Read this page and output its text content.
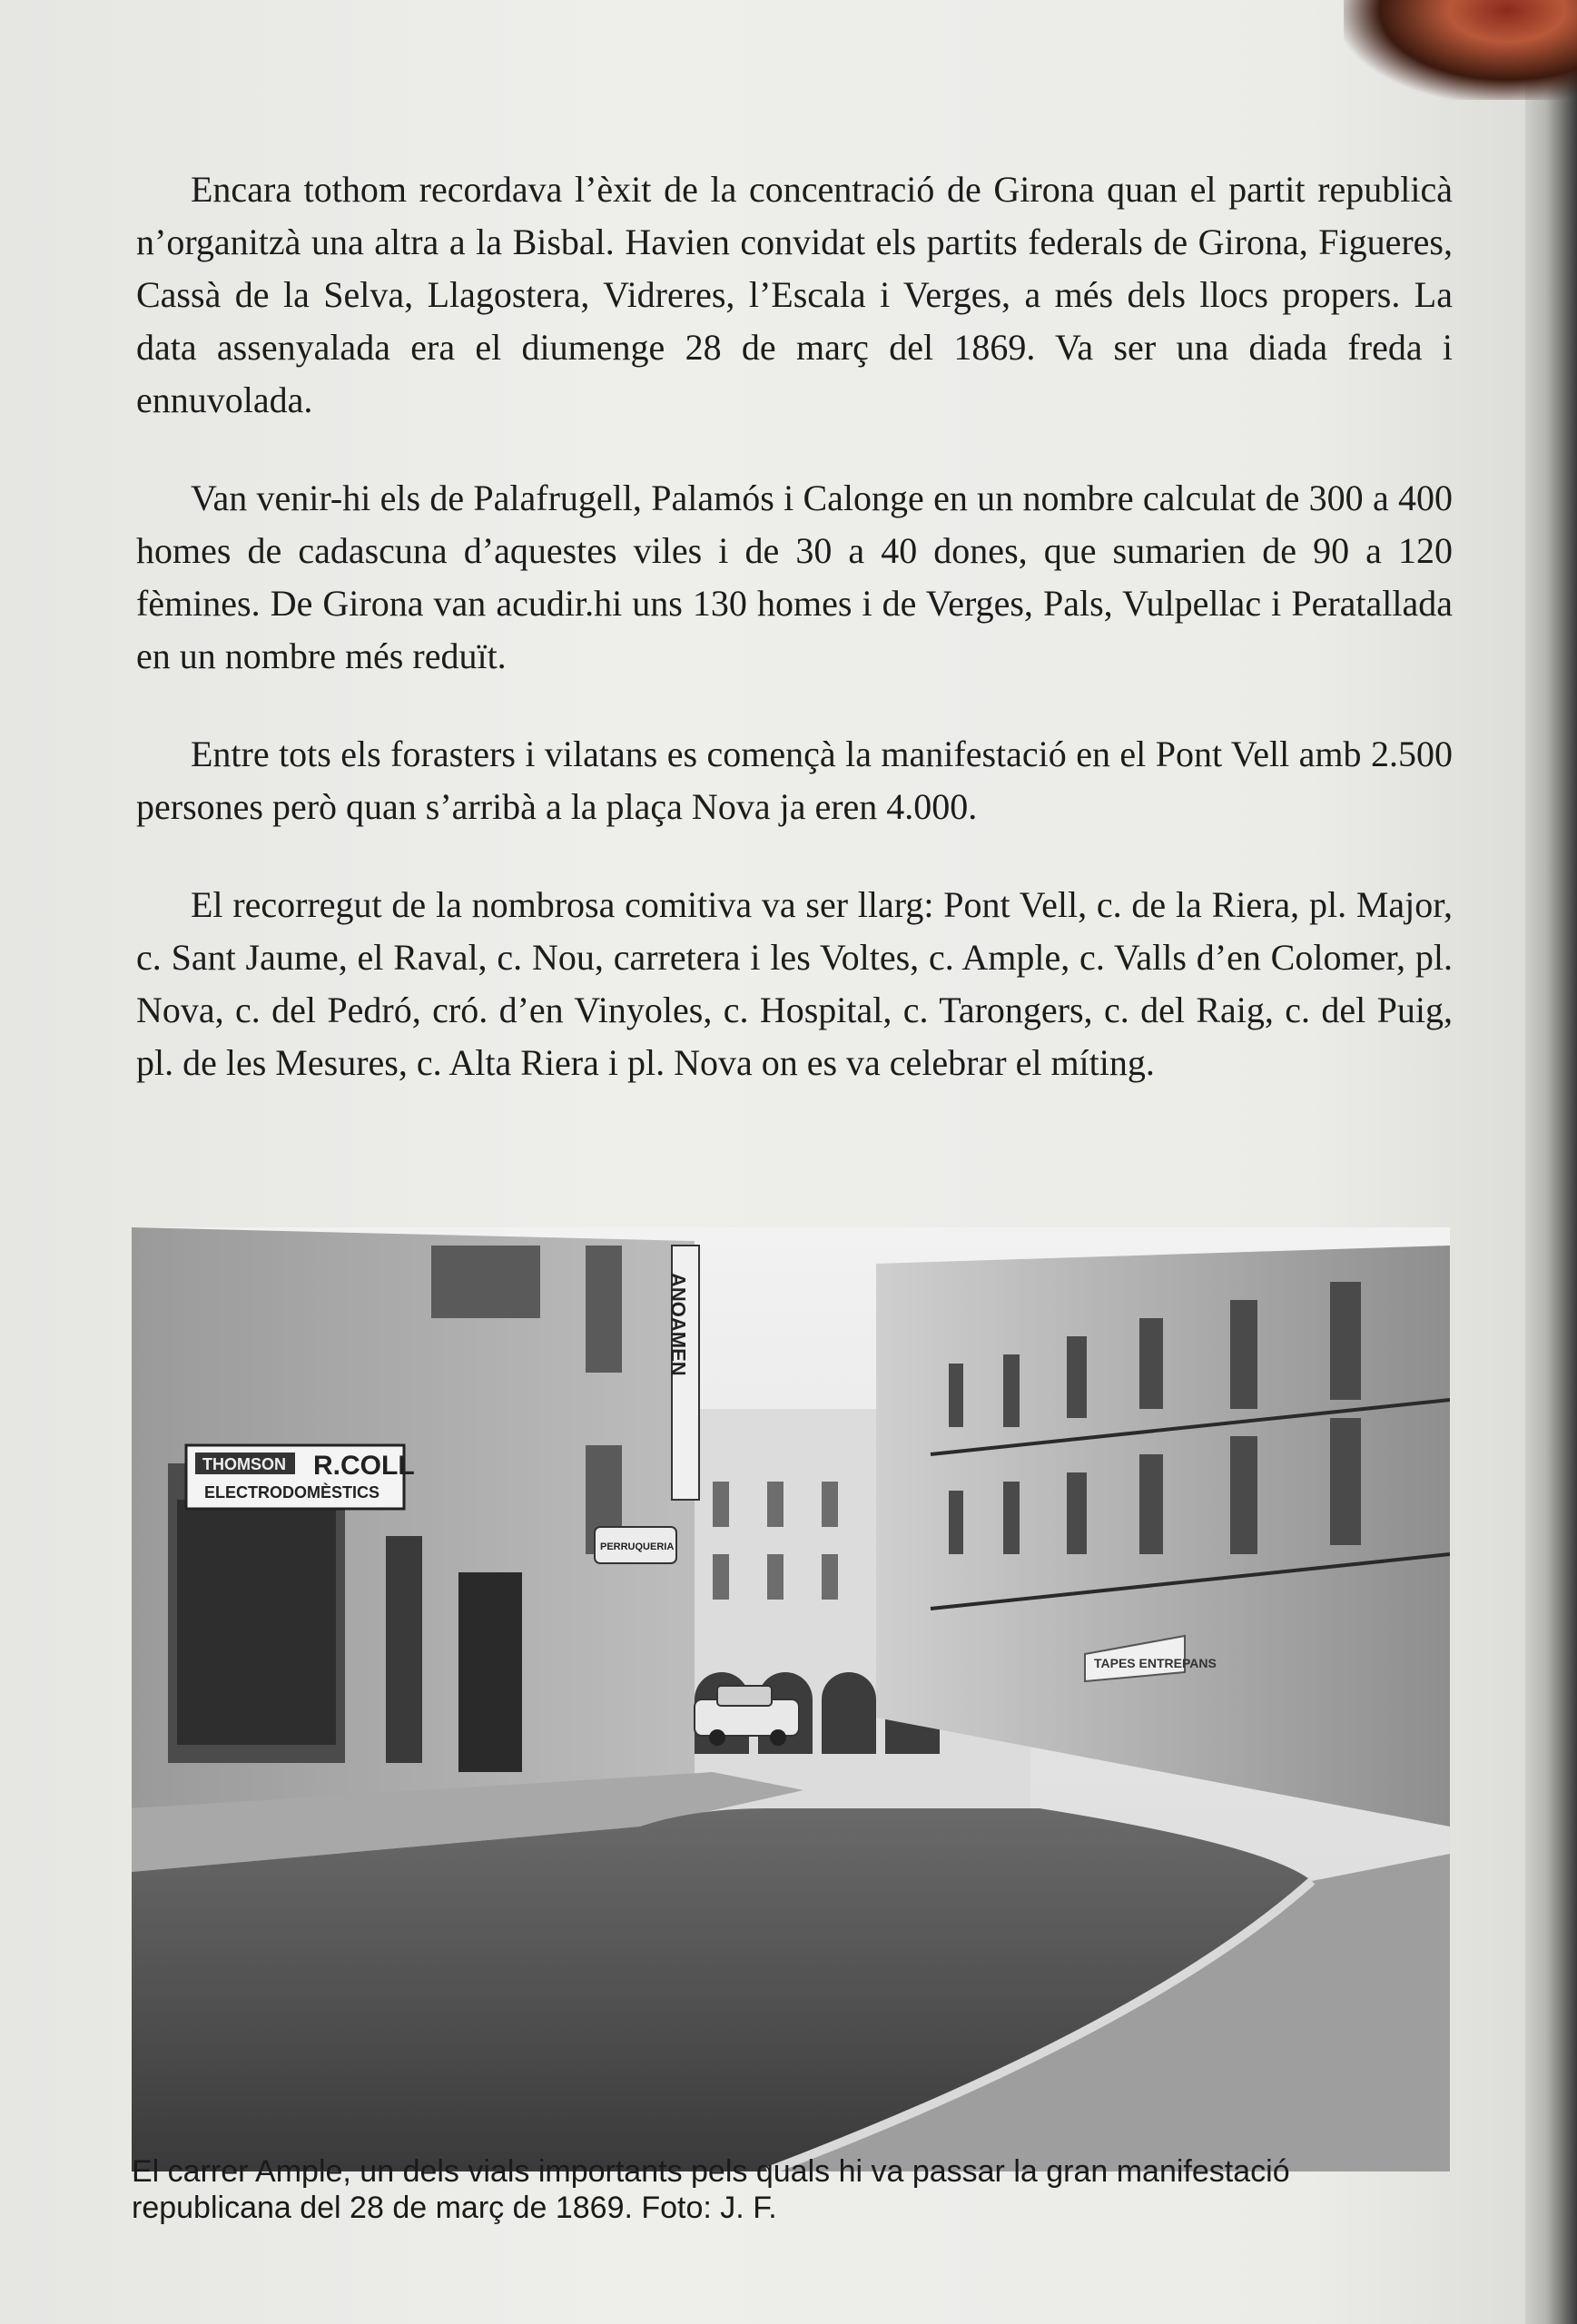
Encara tothom recordava l’èxit de la concentració de Girona quan el partit republicà n’organitzà una altra a la Bisbal. Havien convidat els partits federals de Girona, Figueres, Cassà de la Selva, Llagostera, Vidreres, l’Escala i Verges, a més dels llocs propers. La data assenyalada era el diumenge 28 de març del 1869. Va ser una diada freda i ennuvolada.

Van venir-hi els de Palafrugell, Palamós i Calonge en un nombre calculat de 300 a 400 homes de cadascuna d’aquestes viles i de 30 a 40 dones, que sumarien de 90 a 120 fèmines. De Girona van acudir.hi uns 130 homes i de Verges, Pals, Vulpellac i Peratallada en un nombre més reduït.

Entre tots els forasters i vilatans es començà la manifestació en el Pont Vell amb 2.500 persones però quan s’arribà a la plaça Nova ja eren 4.000.

El recorregut de la nombrosa comitiva va ser llarg: Pont Vell, c. de la Riera, pl. Major, c. Sant Jaume, el Raval, c. Nou, carretera i les Voltes, c. Ample, c. Valls d’en Colomer, pl. Nova, c. del Pedró, cró. d’en Vinyoles, c. Hospital, c. Tarongers, c. del Raig, c. del Puig, pl. de les Mesures, c. Alta Riera i pl. Nova on es va celebrar el míting.

TAPES ENTREPANS
THOMSON R.COLL
ELECTRODOMÈSTICS
ANOAMEN
PERRUQUERIA
El carrer Ample, un dels vials importants pels quals hi va passar la gran manifestació republicana del 28 de març de 1869. Foto: J. F.
